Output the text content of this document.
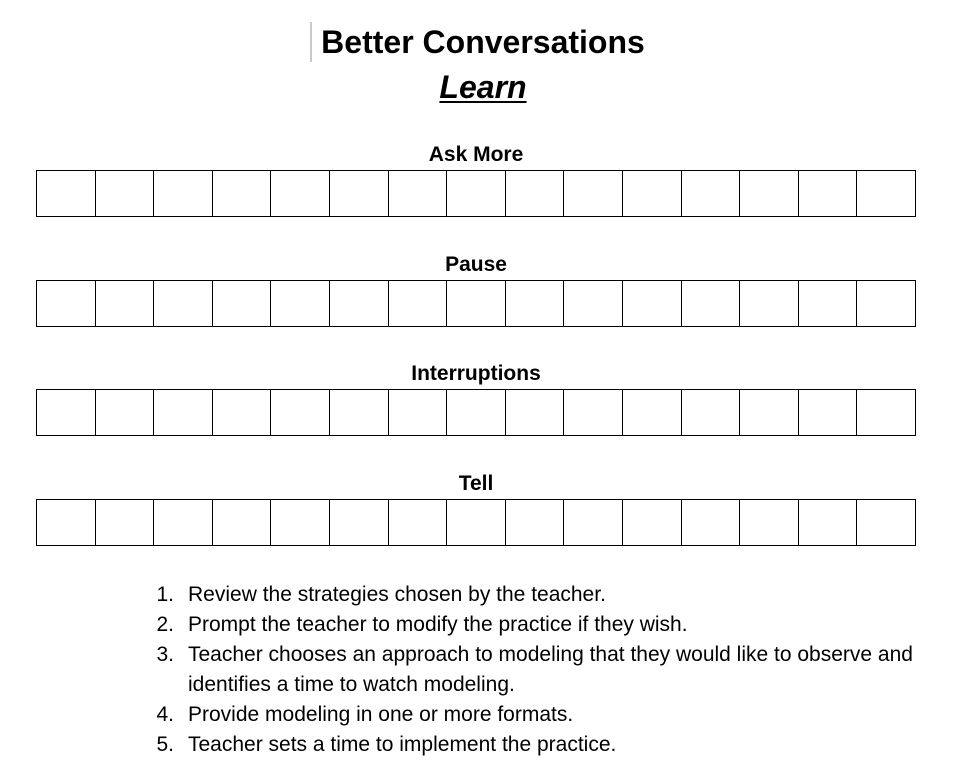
Better Conversations
Learn
Ask More
Pause
Interruptions
Tell
1. Review the strategies chosen by the teacher.
2. Prompt the teacher to modify the practice if they wish.
3. Teacher chooses an approach to modeling that they would like to observe and identifies a time to watch modeling.
4. Provide modeling in one or more formats.
5. Teacher sets a time to implement the practice.
